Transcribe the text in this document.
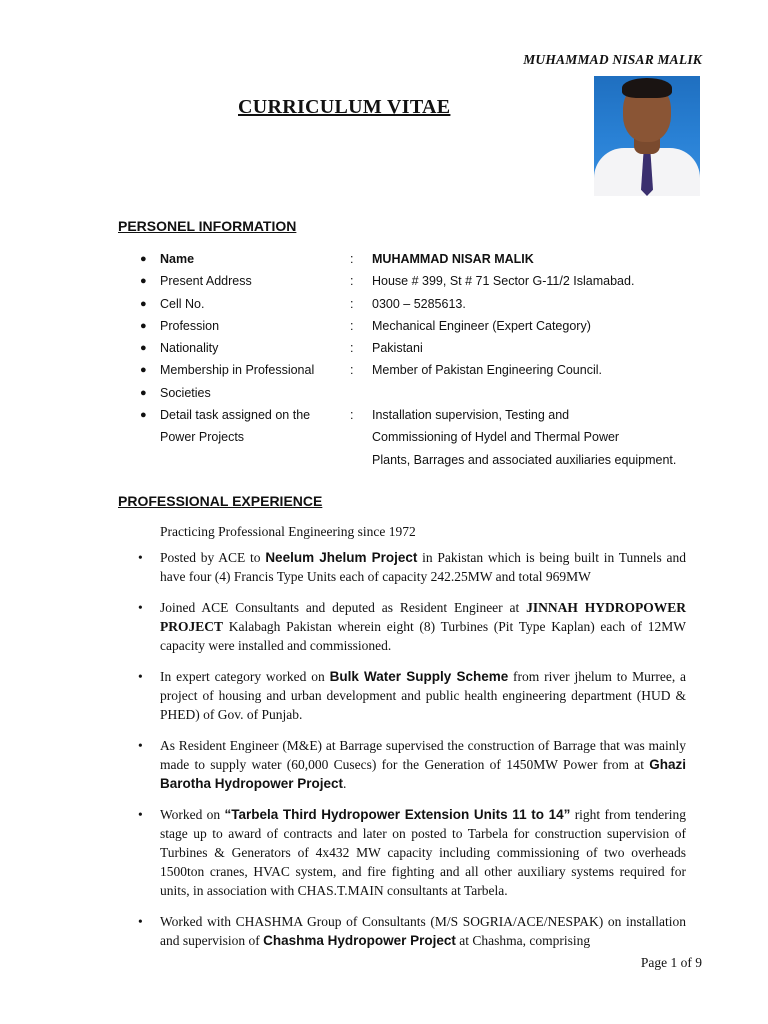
MUHAMMAD NISAR MALIK
CURRICULUM VITAE
PERSONEL INFORMATION
● Name	: MUHAMMAD NISAR MALIK
● Present Address	: House # 399, St # 71 Sector G-11/2 Islamabad.
● Cell No.	: 0300 – 5285613.
● Profession	: Mechanical Engineer (Expert Category)
● Nationality	: Pakistani
● Membership in Professional	: Member of Pakistan Engineering Council.
● Societies
● Detail task assigned on the	: Installation supervision, Testing and
Power Projects	Commissioning of Hydel and Thermal Power
Plants, Barrages and associated auxiliaries equipment.
PROFESSIONAL EXPERIENCE
Practicing Professional Engineering since 1972
• Posted by ACE to Neelum Jhelum Project in Pakistan which is being built in Tunnels and have four (4) Francis Type Units each of capacity 242.25MW and total 969MW
• Joined ACE Consultants and deputed as Resident Engineer at JINNAH HYDROPOWER PROJECT Kalabagh Pakistan wherein eight (8) Turbines (Pit Type Kaplan) each of 12MW capacity were installed and commissioned.
• In expert category worked on Bulk Water Supply Scheme from river jhelum to Murree, a project of housing and urban development and public health engineering department (HUD & PHED) of Gov. of Punjab.
• As Resident Engineer (M&E) at Barrage supervised the construction of Barrage that was mainly made to supply water (60,000 Cusecs) for the Generation of 1450MW Power from at Ghazi Barotha Hydropower Project.
• Worked on “Tarbela Third Hydropower Extension Units 11 to 14” right from tendering stage up to award of contracts and later on posted to Tarbela for construction supervision of Turbines & Generators of 4x432 MW capacity including commissioning of two overheads 1500ton cranes, HVAC system, and fire fighting and all other auxiliary systems required for units, in association with CHAS.T.MAIN consultants at Tarbela.
• Worked with CHASHMA Group of Consultants (M/S SOGRIA/ACE/NESPAK) on installation and supervision of Chashma Hydropower Project at Chashma, comprising
Page 1 of 9
